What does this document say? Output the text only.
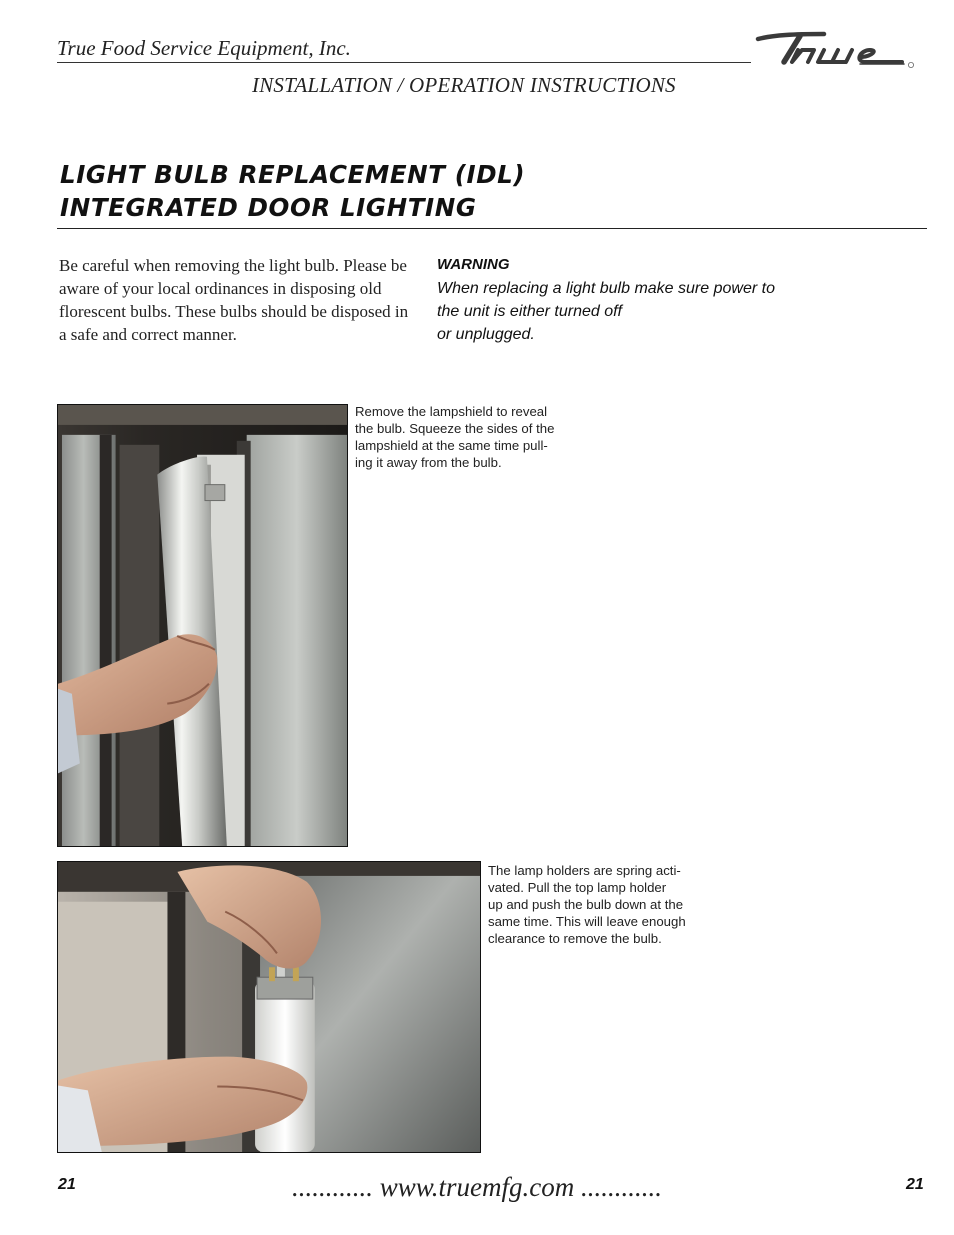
True Food Service Equipment, Inc.
INSTALLATION / OPERATION INSTRUCTIONS
LIGHT BULB REPLACEMENT (IDL)
INTEGRATED DOOR LIGHTING

Be careful when removing the light bulb. Please be aware of your local ordinances in disposing old florescent bulbs. These bulbs should be disposed in a safe and correct manner.

WARNING
When replacing a light bulb make sure power to
the unit is either turned off
or unplugged.
Remove the lampshield to reveal
the bulb. Squeeze the sides of the
lampshield at the same time pull-
ing it away from the bulb.
The lamp holders are spring acti-
vated. Pull the top lamp holder
up and push the bulb down at the
same time. This will leave enough
clearance to remove the bulb.
21	............ www.truemfg.com ............	21
